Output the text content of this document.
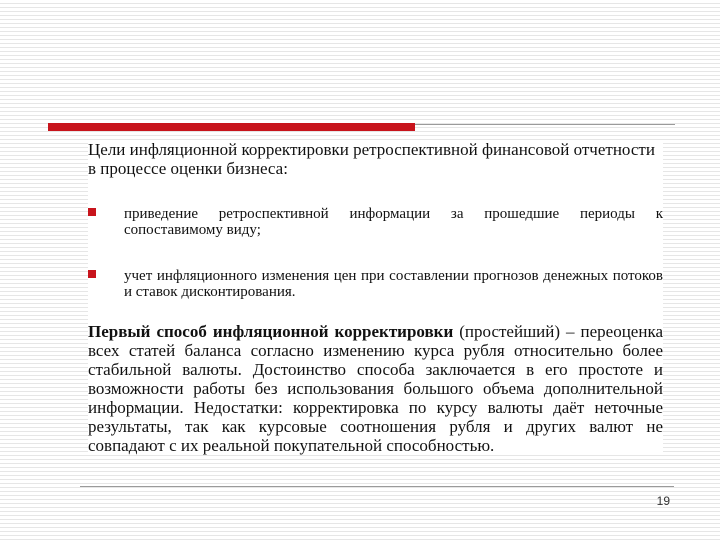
Цели инфляционной корректировки ретроспективной финансовой отчетности в процессе оценки бизнеса:

приведение ретроспективной информации за прошедшие периоды к сопоставимому виду;
учет инфляционного изменения цен при составлении прогнозов денежных потоков и ставок дисконтирования.

Первый способ инфляционной корректировки (простейший) – переоценка всех статей баланса согласно изменению курса рубля относительно более стабильной валюты. Достоинство способа заключается в его простоте и возможности работы без использования большого объема дополнительной информации. Недостатки: корректировка по курсу валюты даёт неточные результаты, так как курсовые соотношения рубля и других валют не совпадают с их реальной покупательной способностью.

19
